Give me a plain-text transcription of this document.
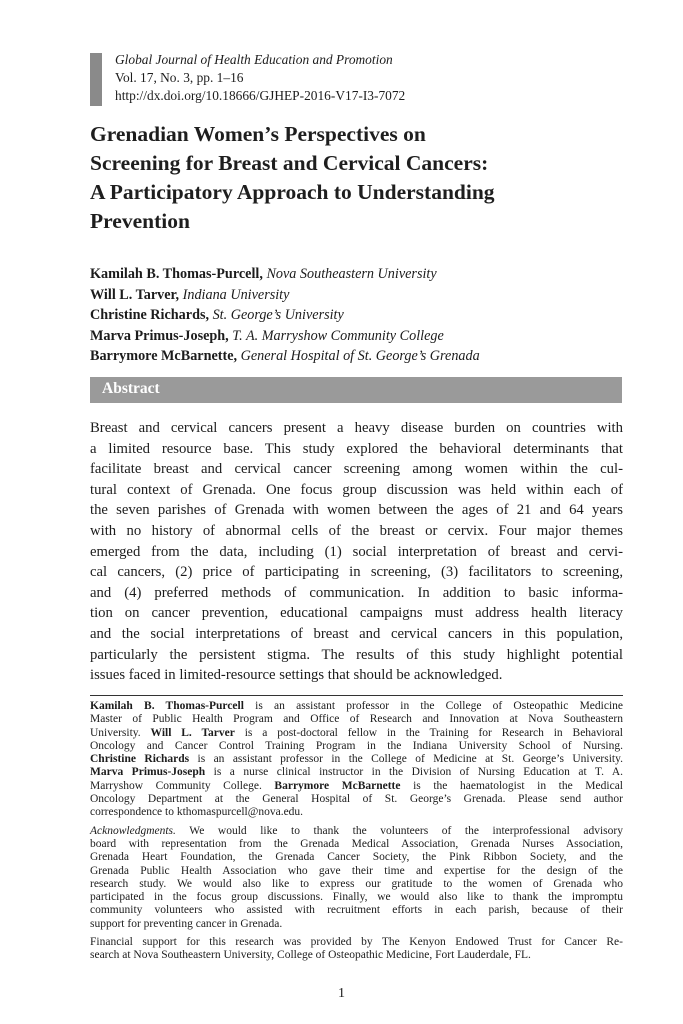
Global Journal of Health Education and Promotion
Vol. 17, No. 3, pp. 1–16
http://dx.doi.org/10.18666/GJHEP-2016-V17-I3-7072
Grenadian Women’s Perspectives on
Screening for Breast and Cervical Cancers:
A Participatory Approach to Understanding
Prevention
Kamilah B. Thomas-Purcell, Nova Southeastern University
Will L. Tarver, Indiana University
Christine Richards, St. George’s University
Marva Primus-Joseph, T. A. Marryshow Community College
Barrymore McBarnette, General Hospital of St. George’s Grenada
Abstract
Breast and cervical cancers present a heavy disease burden on countries with
a limited resource base. This study explored the behavioral determinants that
facilitate breast and cervical cancer screening among women within the cul-
tural context of Grenada. One focus group discussion was held within each of
the seven parishes of Grenada with women between the ages of 21 and 64 years
with no history of abnormal cells of the breast or cervix. Four major themes
emerged from the data, including (1) social interpretation of breast and cervi-
cal cancers, (2) price of participating in screening, (3) facilitators to screening,
and (4) preferred methods of communication. In addition to basic informa-
tion on cancer prevention, educational campaigns must address health literacy
and the social interpretations of breast and cervical cancers in this population,
particularly the persistent stigma. The results of this study highlight potential
issues faced in limited-resource settings that should be acknowledged.
Kamilah B. Thomas-Purcell is an assistant professor in the College of Osteopathic Medicine
Master of Public Health Program and Office of Research and Innovation at Nova Southeastern
University. Will L. Tarver is a post-doctoral fellow in the Training for Research in Behavioral
Oncology and Cancer Control Training Program in the Indiana University School of Nursing.
Christine Richards is an assistant professor in the College of Medicine at St. George’s University.
Marva Primus-Joseph is a nurse clinical instructor in the Division of Nursing Education at T. A.
Marryshow Community College. Barrymore McBarnette is the haematologist in the Medical
Oncology Department at the General Hospital of St. George’s Grenada. Please send author
correspondence to kthomaspurcell@nova.edu.
Acknowledgments. We would like to thank the volunteers of the interprofessional advisory
board with representation from the Grenada Medical Association, Grenada Nurses Association,
Grenada Heart Foundation, the Grenada Cancer Society, the Pink Ribbon Society, and the
Grenada Public Health Association who gave their time and expertise for the design of the
research study. We would also like to express our gratitude to the women of Grenada who
participated in the focus group discussions. Finally, we would also like to thank the impromptu
community volunteers who assisted with recruitment efforts in each parish, because of their
support for preventing cancer in Grenada.
Financial support for this research was provided by The Kenyon Endowed Trust for Cancer Re-
search at Nova Southeastern University, College of Osteopathic Medicine, Fort Lauderdale, FL.
1
